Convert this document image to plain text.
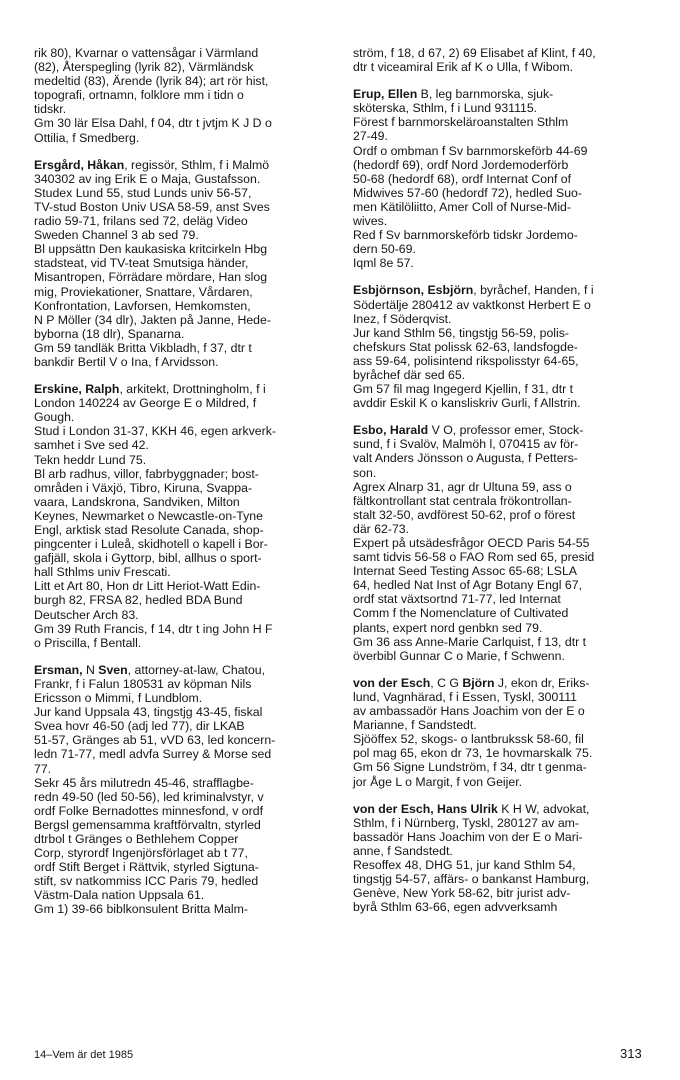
rik 80), Kvarnar o vattensågar i Värmland
(82), Återspegling (lyrik 82), Värmländsk
medeltid (83), Ärende (lyrik 84); art rör hist,
topografi, ortnamn, folklore mm i tidn o
tidskr.
Gm 30 lär Elsa Dahl, f 04, dtr t jvtjm K J D o
Ottilia, f Smedberg.
Ersgård, Håkan, regissör, Sthlm, f i Malmö
340302 av ing Erik E o Maja, Gustafsson.
Studex Lund 55, stud Lunds univ 56-57,
TV-stud Boston Univ USA 58-59, anst Sves
radio 59-71, frilans sed 72, deläg Video
Sweden Channel 3 ab sed 79.
Bl uppsättn Den kaukasiska kritcirkeln Hbg
stadsteat, vid TV-teat Smutsiga händer,
Misantropen, Förrädare mördare, Han slog
mig, Proviekationer, Snattare, Vårdaren,
Konfrontation, Lavforsen, Hemkomsten,
N P Möller (34 dlr), Jakten på Janne, Hede-
byborna (18 dlr), Spanarna.
Gm 59 tandläk Britta Vikbladh, f 37, dtr t
bankdir Bertil V o Ina, f Arvidsson.
Erskine, Ralph, arkitekt, Drottningholm, f i
London 140224 av George E o Mildred, f
Gough.
Stud i London 31-37, KKH 46, egen arkverk-
samhet i Sve sed 42.
Tekn heddr Lund 75.
Bl arb radhus, villor, fabrbyggnader; bost-
områden i Växjö, Tibro, Kiruna, Svappa-
vaara, Landskrona, Sandviken, Milton
Keynes, Newmarket o Newcastle-on-Tyne
Engl, arktisk stad Resolute Canada, shop-
pingcenter i Luleå, skidhotell o kapell i Bor-
gafjäll, skola i Gyttorp, bibl, allhus o sport-
hall Sthlms univ Frescati.
Litt et Art 80, Hon dr Litt Heriot-Watt Edin-
burgh 82, FRSA 82, hedled BDA Bund
Deutscher Arch 83.
Gm 39 Ruth Francis, f 14, dtr t ing John H F
o Priscilla, f Bentall.
Ersman, N Sven, attorney-at-law, Chatou,
Frankr, f i Falun 180531 av köpman Nils
Ericsson o Mimmi, f Lundblom.
Jur kand Uppsala 43, tingstjg 43-45, fiskal
Svea hovr 46-50 (adj led 77), dir LKAB
51-57, Gränges ab 51, vVD 63, led koncern-
ledn 71-77, medl advfa Surrey & Morse sed
77.
Sekr 45 års milutredn 45-46, strafflagbe-
redn 49-50 (led 50-56), led kriminalvstyr, v
ordf Folke Bernadottes minnesfond, v ordf
Bergsl gemensamma kraftförvaltn, styrled
dtrbol t Gränges o Bethlehem Copper
Corp, styrordf Ingenjörsförlaget ab t 77,
ordf Stift Berget i Rättvik, styrled Sigtuna-
stift, sv natkommiss ICC Paris 79, hedled
Västm-Dala nation Uppsala 61.
Gm 1) 39-66 biblkonsulent Britta Malm-
ström, f 18, d 67, 2) 69 Elisabet af Klint, f 40,
dtr t viceamiral Erik af K o Ulla, f Wibom.
Erup, Ellen B, leg barnmorska, sjuk-
sköterska, Sthlm, f i Lund 931115.
Förest f barnmorskeläroanstalten Sthlm
27-49.
Ordf o ombman f Sv barnmorskeförb 44-69
(hedordf 69), ordf Nord Jordemoderförb
50-68 (hedordf 68), ordf Internat Conf of
Midwives 57-60 (hedordf 72), hedled Suo-
men Kätilöliitto, Amer Coll of Nurse-Mid-
wives.
Red f Sv barnmorskeförb tidskr Jordemo-
dern 50-69.
Iqml 8e 57.
Esbjörnson, Esbjörn, byråchef, Handen, f i
Södertälje 280412 av vaktkonst Herbert E o
Inez, f Söderqvist.
Jur kand Sthlm 56, tingstjg 56-59, polis-
chefskurs Stat polissk 62-63, landsfogde-
ass 59-64, polisintend rikspolisstyr 64-65,
byråchef där sed 65.
Gm 57 fil mag Ingegerd Kjellin, f 31, dtr t
avddir Eskil K o kansliskriv Gurli, f Allstrin.
Esbo, Harald V O, professor emer, Stock-
sund, f i Svalöv, Malmöh l, 070415 av för-
valt Anders Jönsson o Augusta, f Petters-
son.
Agrex Alnarp 31, agr dr Ultuna 59, ass o
fältkontrollant stat centrala frökontrollan-
stalt 32-50, avdförest 50-62, prof o förest
där 62-73.
Expert på utsädesfrågor OECD Paris 54-55
samt tidvis 56-58 o FAO Rom sed 65, presid
Internat Seed Testing Assoc 65-68; LSLA
64, hedled Nat Inst of Agr Botany Engl 67,
ordf stat växtsortnd 71-77, led Internat
Comm f the Nomenclature of Cultivated
plants, expert nord genbkn sed 79.
Gm 36 ass Anne-Marie Carlquist, f 13, dtr t
överbibl Gunnar C o Marie, f Schwenn.
von der Esch, C G Björn J, ekon dr, Eriks-
lund, Vagnhärad, f i Essen, Tyskl, 300111
av ambassadör Hans Joachim von der E o
Marianne, f Sandstedt.
Sjööffex 52, skogs- o lantbrukssk 58-60, fil
pol mag 65, ekon dr 73, 1e hovmarskalk 75.
Gm 56 Signe Lundström, f 34, dtr t genma-
jor Åge L o Margit, f von Geijer.
von der Esch, Hans Ulrik K H W, advokat,
Sthlm, f i Nürnberg, Tyskl, 280127 av am-
bassadör Hans Joachim von der E o Mari-
anne, f Sandstedt.
Resoffex 48, DHG 51, jur kand Sthlm 54,
tingstjg 54-57, affärs- o bankanst Hamburg,
Genève, New York 58-62, bitr jurist adv-
byrå Sthlm 63-66, egen advverksamh
14–Vem är det 1985	313
